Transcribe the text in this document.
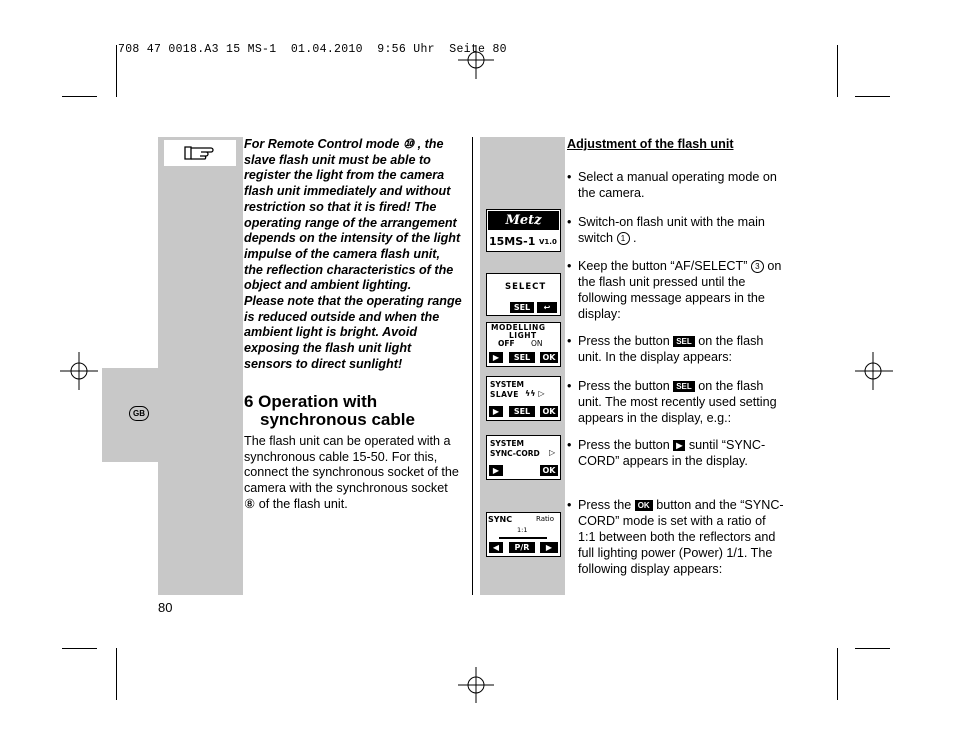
708 47 0018.A3 15 MS-1  01.04.2010  9:56 Uhr  Seite 80
GB
For Remote Control mode ⑩ , the slave flash unit must be able to register the light from the camera flash unit immediately and without restriction so that it is fired! The operating range of the arrangement depends on the intensity of the light impulse of the camera flash unit, the reflection characteristics of the object and ambient lighting.
Please note that the operating range is reduced outside and when the ambient light is bright. Avoid exposing the flash unit light sensors to direct sunlight!
6 Operation with
synchronous cable
The flash unit can be operated with a synchronous cable 15-50. For this, connect the synchronous socket of the camera with the synchronous socket ⑧ of the flash unit.
80
Metz
15MS-1 V1.0
SELECT
SEL	↩
MODELLING
LIGHT
OFF ON
▶	SEL	OK
SYSTEM
SLAVE ϟϟ ▷
▶	SEL	OK
SYSTEM
SYNC-CORD ▷
▶	OK
SYNC	Ratio
1:1
◀	P/R	▶
Adjustment of the flash unit
• Select a manual operating mode on the camera.
• Switch-on flash unit with the main switch 1 .
• Keep the button “AF/SELECT” 3 on the flash unit pressed until the following message appears in the display:
• Press the button SEL on the flash unit. In the display appears:
• Press the button SEL on the flash unit. The most recently used setting appears in the display, e.g.:
• Press the button ▶ suntil “SYNC-CORD” appears in the display.
• Press the OK button and the “SYNC-CORD” mode is set with a ratio of 1:1 between both the reflectors and full lighting power (Power) 1/1. The following display appears:
